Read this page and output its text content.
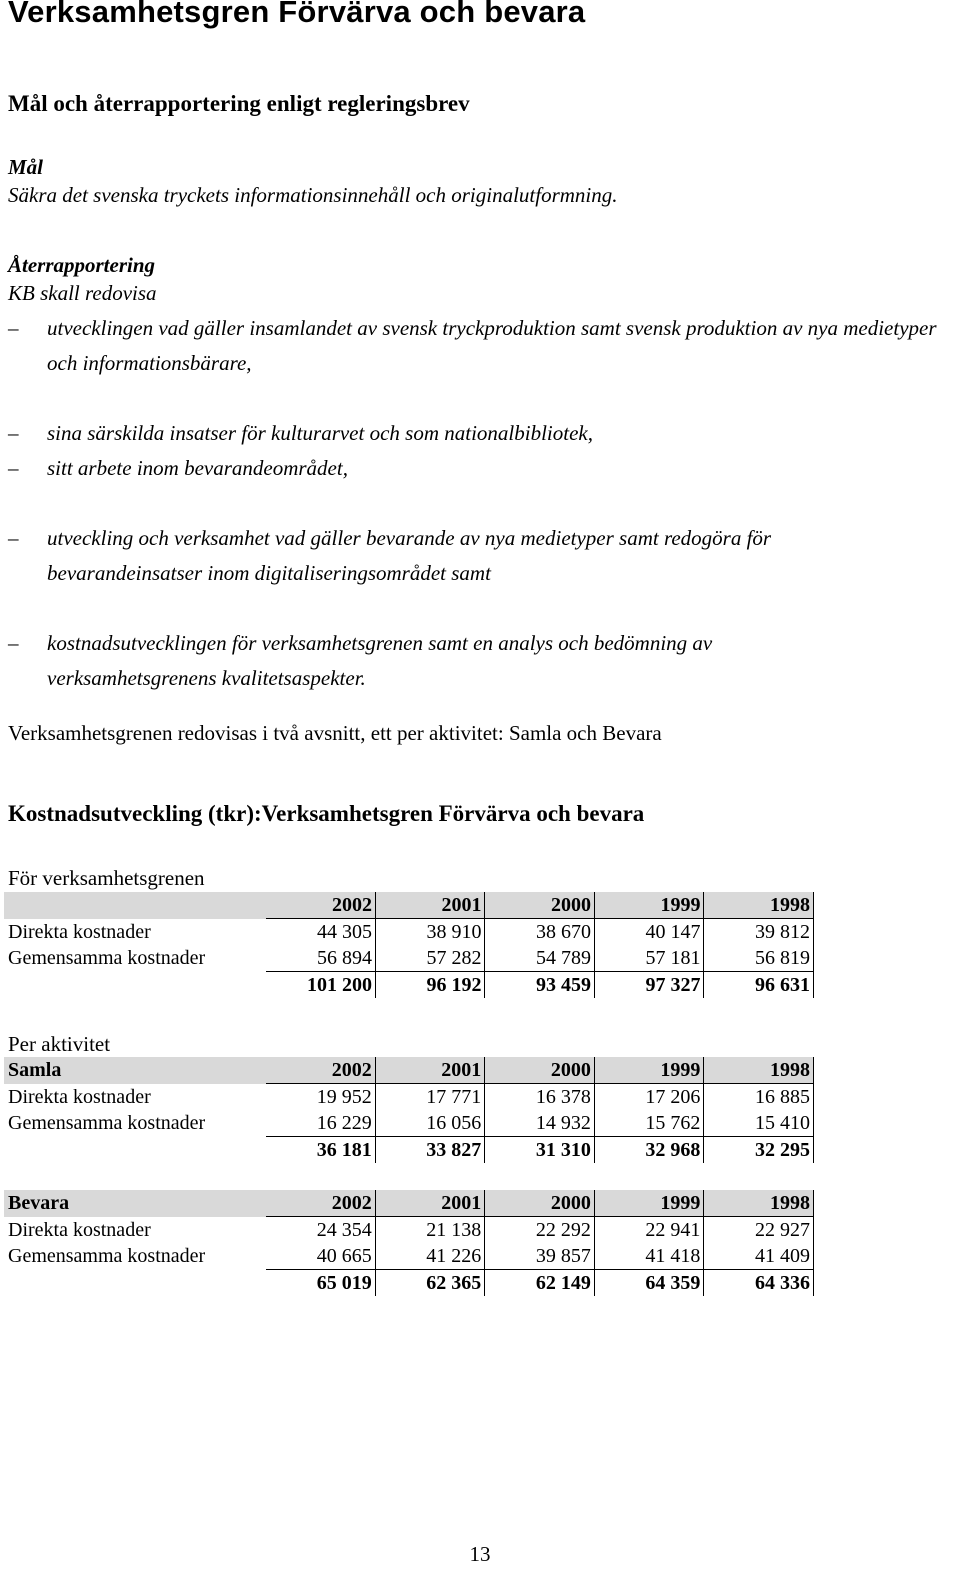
Verksamhetsgren Förvärva och bevara
Mål och återrapportering enligt regleringsbrev
Mål
Säkra det svenska tryckets informationsinnehåll och originalutformning.
Återrapportering
KB skall redovisa
– utvecklingen vad gäller insamlandet av svensk tryckproduktion samt svensk produktion av nya medietyper och informationsbärare,
– sina särskilda insatser för kulturarvet och som nationalbibliotek,
– sitt arbete inom bevarandeområdet,
– utveckling och verksamhet vad gäller bevarande av nya medietyper samt redogöra för bevarandeinsatser inom digitaliseringsområdet samt
– kostnadsutvecklingen för verksamhetsgrenen samt en analys och bedömning av verksamhetsgrenens kvalitetsaspekter.
Verksamhetsgrenen redovisas i två avsnitt, ett per aktivitet: Samla och Bevara
Kostnadsutveckling (tkr):Verksamhetsgren Förvärva och bevara
För verksamhetsgrenen
	2002	2001	2000	1999	1998
Direkta kostnader	44 305	38 910	38 670	40 147	39 812
Gemensamma kostnader	56 894	57 282	54 789	57 181	56 819
	101 200	96 192	93 459	97 327	96 631
Per aktivitet
Samla	2002	2001	2000	1999	1998
Direkta kostnader	19 952	17 771	16 378	17 206	16 885
Gemensamma kostnader	16 229	16 056	14 932	15 762	15 410
	36 181	33 827	31 310	32 968	32 295
Bevara	2002	2001	2000	1999	1998
Direkta kostnader	24 354	21 138	22 292	22 941	22 927
Gemensamma kostnader	40 665	41 226	39 857	41 418	41 409
	65 019	62 365	62 149	64 359	64 336
13
